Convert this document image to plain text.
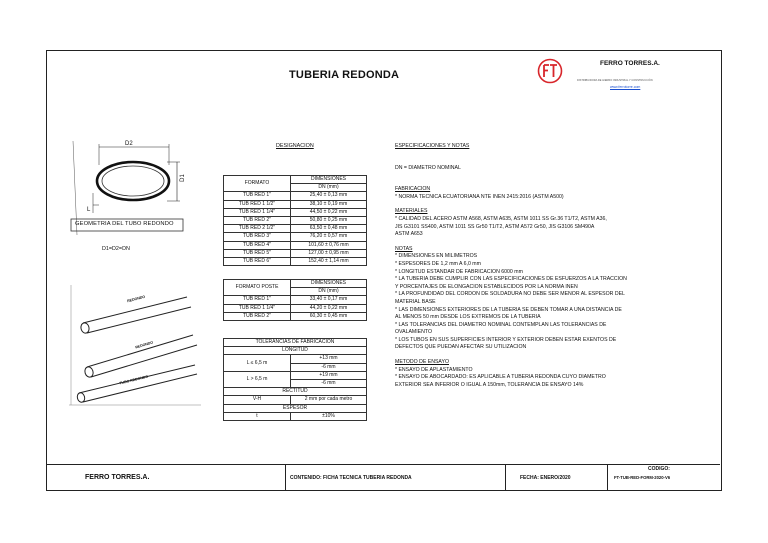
TUBERIA REDONDA
FERRO TORRES.A.
DISTRIBUIDORA DE HIERRO INDUSTRIAL Y CONSTRUCCIÓN
www.ferrotorre.com
D2
D1
L
GEOMETRIA DEL TUBO REDONDO
D1=D2=DN
REDONDO
REDONDO
TUBO REDONDO
DESIGNACION
FORMATO	DIMENSIONES
	DN (mm)
TUB RED 1"	25,40 ± 0,13 mm
TUB RED 1 1/2"	38,10 ± 0,19 mm
TUB RED 1 1/4"	44,50 ± 0,22 mm
TUB RED 2"	50,80 ± 0,25 mm
TUB RED 2 1/2"	63,50 ± 0,48 mm
TUB RED 3"	76,20 ± 0,57 mm
TUB RED 4"	101,60 ± 0,76 mm
TUB RED 5"	127,00 ± 0,95 mm
TUB RED 6"	152,40 ± 1,14 mm
FORMATO POSTE	DIMENSIONES
	DN (mm)
TUB RED 1"	33,40 ± 0,17 mm
TUB RED 1 1/4"	44,20 ± 0,22 mm
TUB RED 2"	60,30 ± 0,45 mm
TOLERANCIAS DE FABRICACION	
LONGITUD	
L ≤ 6,5 m	+13 mm
	-6 mm
L > 6,5 m	+19 mm
	-6 mm
RECTITUD	
V-H	2 mm por cada metro
ESPESOR	
t	±10%

ESPECIFICACIONES Y NOTAS

DN = DIAMETRO NOMINAL

FABRICACION

* NORMA TECNICA ECUATORIANA NTE INEN 2415:2016 (ASTM A500)

MATERIALES

* CALIDAD DEL ACERO ASTM A568, ASTM A635, ASTM 1011 SS Gr.36 T1/T2, ASTM A36,

JIS G3101 SS400, ASTM 1011 SS Gr50 T1/T2, ASTM A572 Gr50, JIS G3106 SM490A

ASTM A653

NOTAS

* DIMENSIONES EN MILIMETROS

* ESPESORES DE 1,2 mm A 6,0 mm

* LONGITUD ESTANDAR DE FABRICACION 6000 mm

* LA TUBERIA DEBE CUMPLIR CON LAS ESPECIFICACIONES DE ESFUERZOS A LA TRACCION

Y PORCENTAJES DE ELONGACION ESTABLECIDOS POR LA NORMA INEN

* LA PROFUNDIDAD DEL CORDON DE SOLDADURA NO DEBE SER MENOR AL ESPESOR DEL

MATERIAL BASE

* LAS DIMENSIONES EXTERIORES DE LA TUBERIA SE DEBEN TOMAR A UNA DISTANCIA DE

AL MENOS 50 mm DESDE LOS EXTREMOS DE LA TUBERIA

* LAS TOLERANCIAS DEL DIAMETRO NOMINAL CONTEMPLAN LAS TOLERANCIAS DE

OVALAMIENTO

* LOS TUBOS EN SUS SUPERFICIES INTERIOR Y EXTERIOR DEBEN ESTAR EXENTOS DE

DEFECTOS QUE PUEDAN AFECTAR SU UTILIZACION

METODO DE ENSAYO

* ENSAYO DE APLASTAMIENTO

* ENSAYO DE ABOCARDADO: ES APLICABLE A TUBERIA REDONDA CUYO DIAMETRO

EXTERIOR SEA INFERIOR O IGUAL A 150mm, TOLERANCIA DE ENSAYO 14%

FERRO TORRES.A.	CONTENIDO: FICHA TECNICA TUBERIA REDONDA	FECHA: ENERO/2020
CODIGO:
FT-TUB-RED-FORM-2020-V6
